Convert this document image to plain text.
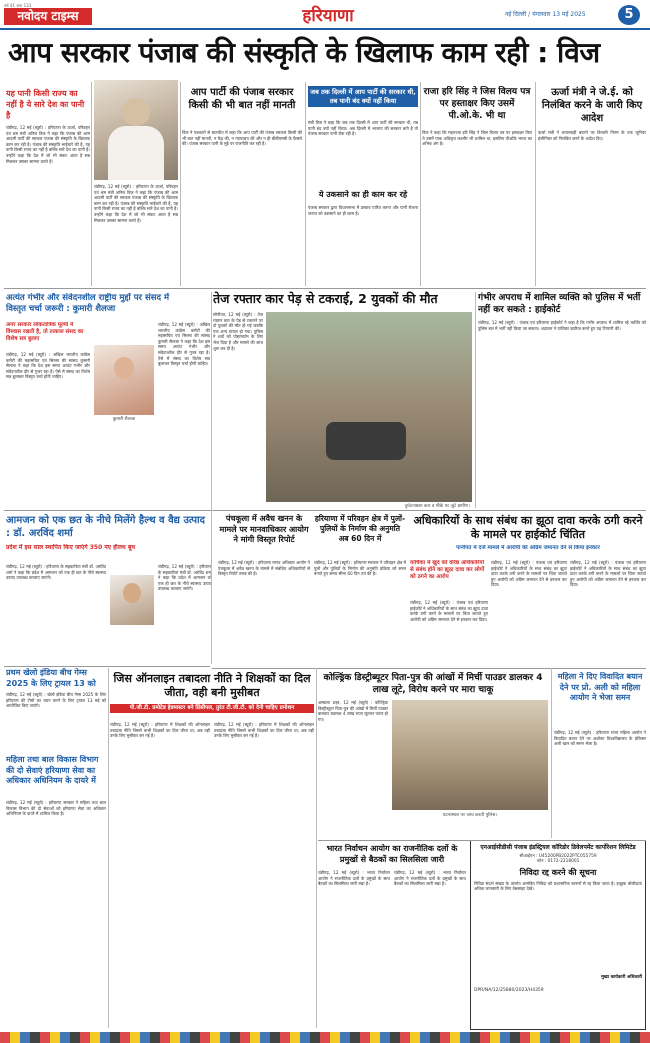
वर्ष 41 अंक 133
नवोदय टाइम्स	हरियाणा	नई दिल्ली / मंगलवार 13 मई 2025	5
आप सरकार पंजाब की संस्कृति के खिलाफ काम रही : विज
यह पानी किसी राज्य का नहीं है ये सारे देश का पानी है
चंडीगढ़, 12 मई (ब्यूरो) : हरियाणा के ऊर्जा, परिवहन एवं श्रम मंत्री अनिल विज ने कहा कि पंजाब की आम आदमी पार्टी की सरकार पंजाब की संस्कृति के खिलाफ काम कर रही है। पंजाब की संस्कृति भाईचारे की है, यह पानी किसी राज्य का नहीं है बल्कि सारे देश का पानी है। उन्होंने कहा कि देश में जो भी संकट आता है सब मिलकर उसका सामना करते हैं।
चंडीगढ़, 12 मई (ब्यूरो) : हरियाणा के ऊर्जा, परिवहन एवं श्रम मंत्री अनिल विज ने कहा कि पंजाब की आम आदमी पार्टी की सरकार पंजाब की संस्कृति के खिलाफ काम कर रही है। पंजाब की संस्कृति भाईचारे की है, यह पानी किसी राज्य का नहीं है बल्कि सारे देश का पानी है। उन्होंने कहा कि देश में जो भी संकट आता है सब मिलकर उसका सामना करते हैं।
आप पार्टी की पंजाब सरकार किसी की भी बात नहीं मानती
विज ने पत्रकारों से बातचीत में कहा कि आप पार्टी की पंजाब सरकार किसी की भी बात नहीं मानती, न केंद्र की, न न्यायालय की और न ही बीबीएमबी के फैसले की। पंजाब सरकार पानी के मुद्दे पर राजनीति कर रही है।
जब तक दिल्ली में आप पार्टी की सरकार थी, तब पानी बंद क्यों नहीं किया
मंत्री विज ने कहा कि जब तक दिल्ली में आप पार्टी की सरकार थी, तब पानी बंद क्यों नहीं किया। अब दिल्ली में भाजपा की सरकार बनी है तो पंजाब सरकार पानी रोक रही है।
ये उकसाने का ही काम कर रहे
पंजाब सरकार द्वारा विधानसभा में प्रस्ताव पारित करना और पानी रोकना जनता को उकसाने का ही काम है।
राजा हरि सिंह ने जिस विलय पत्र पर हस्ताक्षर किए उसमें पी.ओ.के. भी था
विज ने कहा कि महाराजा हरि सिंह ने जिस विलय पत्र पर हस्ताक्षर किए थे उसमें पाक अधिकृत कश्मीर भी शामिल था, इसलिए पीओके भारत का अभिन्न अंग है।
ऊर्जा मंत्री ने जे.ई. को निलंबित करने के जारी किए आदेश
ऊर्जा मंत्री ने लापरवाही बरतने पर बिजली निगम के एक जूनियर इंजीनियर को निलंबित करने के आदेश दिए।
अत्यंत गंभीर और संवेदनशील राष्ट्रीय मुद्दों पर संसद में विस्तृत चर्चा जरूरी : कुमारी शैलजा
अगर सरकार लोकतांत्रिक मूल्यों में विश्वास रखती है, तो तत्काल संसद का विशेष सत्र बुलाए
चंडीगढ़, 12 मई (ब्यूरो) : अखिल भारतीय कांग्रेस कमेटी की महासचिव एवं सिरसा की सांसद कुमारी सैलजा ने कहा कि देश इस समय अत्यंत गंभीर और संवेदनशील दौर से गुजर रहा है। ऐसे में संसद का विशेष सत्र बुलाकर विस्तृत चर्चा होनी चाहिए।
कुमारी शैलजा
चंडीगढ़, 12 मई (ब्यूरो) : अखिल भारतीय कांग्रेस कमेटी की महासचिव एवं सिरसा की सांसद कुमारी सैलजा ने कहा कि देश इस समय अत्यंत गंभीर और संवेदनशील दौर से गुजर रहा है। ऐसे में संसद का विशेष सत्र बुलाकर विस्तृत चर्चा होनी चाहिए।
तेज रफ्तार कार पेड़ से टकराई, 2 युवकों की मौत
सोनीपत, 12 मई (ब्यूरो) : तेज रफ्तार कार के पेड़ से टकराने पर दो युवकों की मौत हो गई जबकि एक अन्य घायल हो गया। पुलिस ने शवों को पोस्टमार्टम के लिए भेज दिया है और मामले की जांच शुरू कर दी है।
दुर्घटनाग्रस्त कार व मौके पर जुटे ग्रामीण।
गंभीर अपराध में शामिल व्यक्ति को पुलिस में भर्ती नहीं कर सकते : हाईकोर्ट
चंडीगढ़, 12 मई (ब्यूरो) : पंजाब एवं हरियाणा हाईकोर्ट ने कहा है कि गंभीर अपराध में शामिल रहे व्यक्ति को पुलिस बल में भर्ती नहीं किया जा सकता। अदालत ने याचिका खारिज करते हुए यह टिप्पणी की।
आमजन को एक छत के नीचे मिलेंगे हैल्थ व वैद्य उत्पाद : डॉ. अरविंद शर्मा
प्रदेश में इस साल स्थापित किए जाएंगे 350 नए हीलथ बूथ
चंडीगढ़, 12 मई (ब्यूरो) : हरियाणा के सहकारिता मंत्री डॉ. अरविंद शर्मा ने कहा कि प्रदेश में आमजन को एक ही छत के नीचे स्वास्थ्य उत्पाद उपलब्ध करवाए जाएंगे।
चंडीगढ़, 12 मई (ब्यूरो) : हरियाणा के सहकारिता मंत्री डॉ. अरविंद शर्मा ने कहा कि प्रदेश में आमजन को एक ही छत के नीचे स्वास्थ्य उत्पाद उपलब्ध करवाए जाएंगे।
पंचकूला में अवैध खनन के मामले पर मानवाधिकार आयोग ने मांगी विस्तृत रिपोर्ट
चंडीगढ़, 12 मई (ब्यूरो) : हरियाणा मानव अधिकार आयोग ने पंचकूला में अवैध खनन के मामले में संबंधित अधिकारियों से विस्तृत रिपोर्ट तलब की है।
हरियाणा में परिवहन क्षेत्र में पुलों-पुलियों के निर्माण की अनुमति अब 60 दिन में
चंडीगढ़, 12 मई (ब्यूरो) : हरियाणा सरकार ने परिवहन क्षेत्र में पुलों और पुलियों के निर्माण की अनुमति प्रक्रिया को सरल बनाते हुए समय सीमा 60 दिन तय की है।
अधिकारियों के साथ संबंध का झूठा दावा करके ठगी करने के मामले पर हाईकोर्ट चिंतित
पानीपत में दर्ज मामले में आरोपी को अग्रिम जमानत देने से किया इनकार
याचिका में खुद को वरिष्ठ अधिकारियों से संबंध होने का झूठा दावा कर लोगों को ठगने का आरोप
चंडीगढ़, 12 मई (ब्यूरो) : पंजाब एवं हरियाणा हाईकोर्ट ने अधिकारियों के साथ संबंध का झूठा दावा करके ठगी करने के मामलों पर चिंता जताते हुए आरोपी को अग्रिम जमानत देने से इनकार कर दिया।
चंडीगढ़, 12 मई (ब्यूरो) : पंजाब एवं हरियाणा हाईकोर्ट ने अधिकारियों के साथ संबंध का झूठा दावा करके ठगी करने के मामलों पर चिंता जताते हुए आरोपी को अग्रिम जमानत देने से इनकार कर दिया।
चंडीगढ़, 12 मई (ब्यूरो) : पंजाब एवं हरियाणा हाईकोर्ट ने अधिकारियों के साथ संबंध का झूठा दावा करके ठगी करने के मामलों पर चिंता जताते हुए आरोपी को अग्रिम जमानत देने से इनकार कर दिया।
प्रथम खेलो इंडिया बीच गेम्स 2025 के लिए ट्रायल 13 को
चंडीगढ़, 12 मई (ब्यूरो) : खेलो इंडिया बीच गेम्स 2025 के लिए हरियाणा की टीमों का चयन करने के लिए ट्रायल 13 मई को आयोजित किए जाएंगे।
महिला तथा बाल विकास विभाग की दो सेवाएं हरियाणा सेवा का अधिकार अधिनियम के दायरे में
चंडीगढ़, 12 मई (ब्यूरो) : हरियाणा सरकार ने महिला तथा बाल विकास विभाग की दो सेवाओं को हरियाणा सेवा का अधिकार अधिनियम के दायरे में शामिल किया है।
जिस ऑनलाइन तबादला नीति ने शिक्षकों का दिल जीता, वही बनी मुसीबत
पी.जी.टी. प्रमोटेड हेडमास्टर बने प्रिंसीपल, तुरंत टी.जी.टी. को देनी चाहिए प्रमोशन
चंडीगढ़, 12 मई (ब्यूरो) : हरियाणा में शिक्षकों की ऑनलाइन तबादला नीति जिसने कभी शिक्षकों का दिल जीता था, अब वही उनके लिए मुसीबत बन गई है।
चंडीगढ़, 12 मई (ब्यूरो) : हरियाणा में शिक्षकों की ऑनलाइन तबादला नीति जिसने कभी शिक्षकों का दिल जीता था, अब वही उनके लिए मुसीबत बन गई है।
कोल्ड्रिंक डिस्ट्रीब्यूटर पिता-पुत्र की आंखों में मिर्ची पाउडर डालकर 4 लाख लूटे, विरोध करने पर मारा चाकू
अम्बाला शहर, 12 मई (ब्यूरो) : कोल्ड्रिंक डिस्ट्रीब्यूटर पिता-पुत्र की आंखों में मिर्ची पाउडर डालकर बदमाश 4 लाख रुपए लूटकर फरार हो गए।
घटनास्थल पर जांच करती पुलिस।
महिला ने दिए विवादित बयान देने पर प्रो. अली को महिला आयोग ने भेजा समन
चंडीगढ़, 12 मई (ब्यूरो) : हरियाणा राज्य महिला आयोग ने विवादित बयान देने पर अशोका विश्वविद्यालय के प्रोफेसर अली खान को समन भेजा है।
भारत निर्वाचन आयोग का राजनीतिक दलों के प्रमुखों से बैठकों का सिलसिला जारी
चंडीगढ़, 12 मई (ब्यूरो) : भारत निर्वाचन आयोग ने राजनीतिक दलों के प्रमुखों के साथ बैठकों का सिलसिला जारी रखा है।
चंडीगढ़, 12 मई (ब्यूरो) : भारत निर्वाचन आयोग ने राजनीतिक दलों के प्रमुखों के साथ बैठकों का सिलसिला जारी रखा है।
एनआईसीडीसी पंजाब इंडस्ट्रियल कॉरिडोर डिवेलपमेंट कार्पोरेशन लिमिटेड
सीआईएन : U45200PB2022PTC055759
फोन : 0172-2218001
निविदा रद्द करने की सूचना
निविदा संदर्भ संख्या के अंतर्गत आमंत्रित निविदा को प्रशासनिक कारणों से रद्द किया जाता है। इच्छुक बोलीदाता अधिक जानकारी के लिए वेबसाइट देखें।
मुख्य कार्यकारी अधिकारी
DPR/NA/12/25880/2023/H4359
